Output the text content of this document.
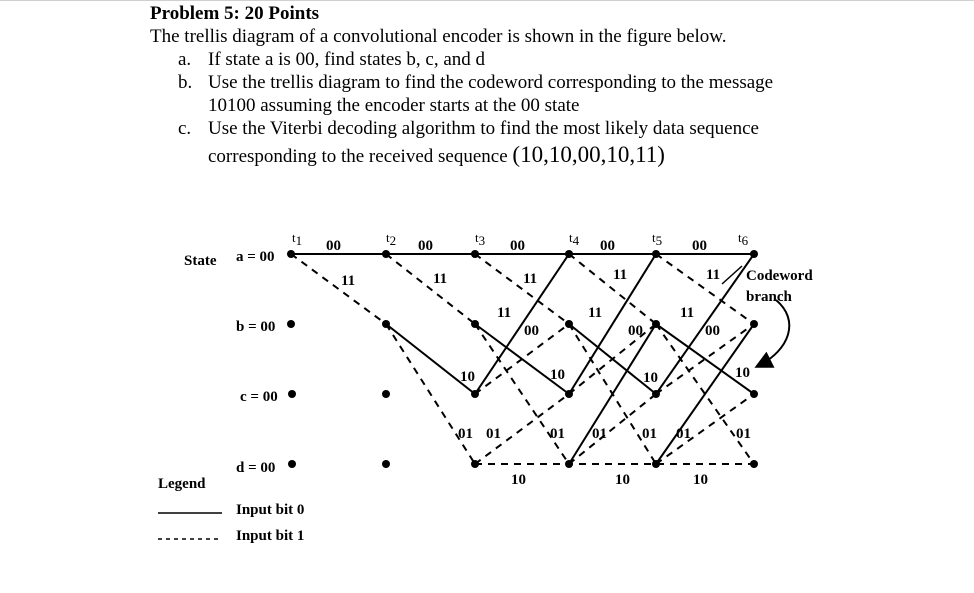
Problem 5: 20 Points
The trellis diagram of a convolutional encoder is shown in the figure below.
a. If state a is 00, find states b, c, and d
b. Use the trellis diagram to find the codeword corresponding to the message
10100 assuming the encoder starts at the 00 state
c. Use the Viterbi decoding algorithm to find the most likely data sequence
corresponding to the received sequence (10,10,00,10,11)
State a = 00
b = 00
c = 00
d = 00
t1	t2	t3	t4	t5	t6
00	00	00	00	00
11	11	11	11	11
11	11	11
00	00	00
10	10	10	10
01 01	01 01 01 01	01
10	10	10
Codeword
branch
Legend
Input bit 0
Input bit 1
